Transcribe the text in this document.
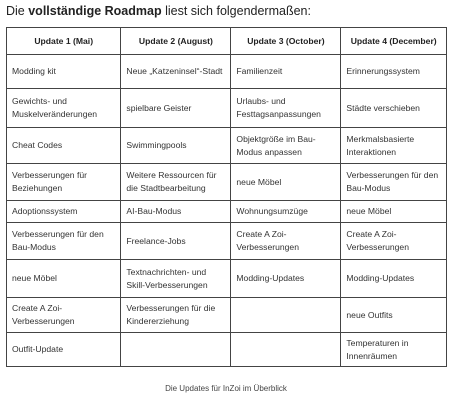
Die vollständige Roadmap liest sich folgendermaßen:
Update 1 (Mai)	Update 2 (August)	Update 3 (October)	Update 4 (December)
Modding kit	Neue „Katzeninsel“-Stadt	Familienzeit	Erinnerungssystem
Gewichts- und Muskelveränderungen	spielbare Geister	Urlaubs- und Festtagsanpassungen	Städte verschieben
Cheat Codes	Swimmingpools	Objektgröße im Bau-Modus anpassen	Merkmalsbasierte Interaktionen
Verbesserungen für Beziehungen	Weitere Ressourcen für die Stadtbearbeitung	neue Möbel	Verbesserungen für den Bau-Modus
Adoptionssystem	AI-Bau-Modus	Wohnungsumzüge	neue Möbel
Verbesserungen für den Bau-Modus	Freelance-Jobs	Create A Zoi-Verbesserungen	Create A Zoi-Verbesserungen
neue Möbel	Textnachrichten- und Skill-Verbesserungen	Modding-Updates	Modding-Updates
Create A Zoi-Verbesserungen	Verbesserungen für die Kindererziehung		neue Outfits
Outfit-Update			Temperaturen in Innenräumen
Die Updates für InZoi im Überblick
